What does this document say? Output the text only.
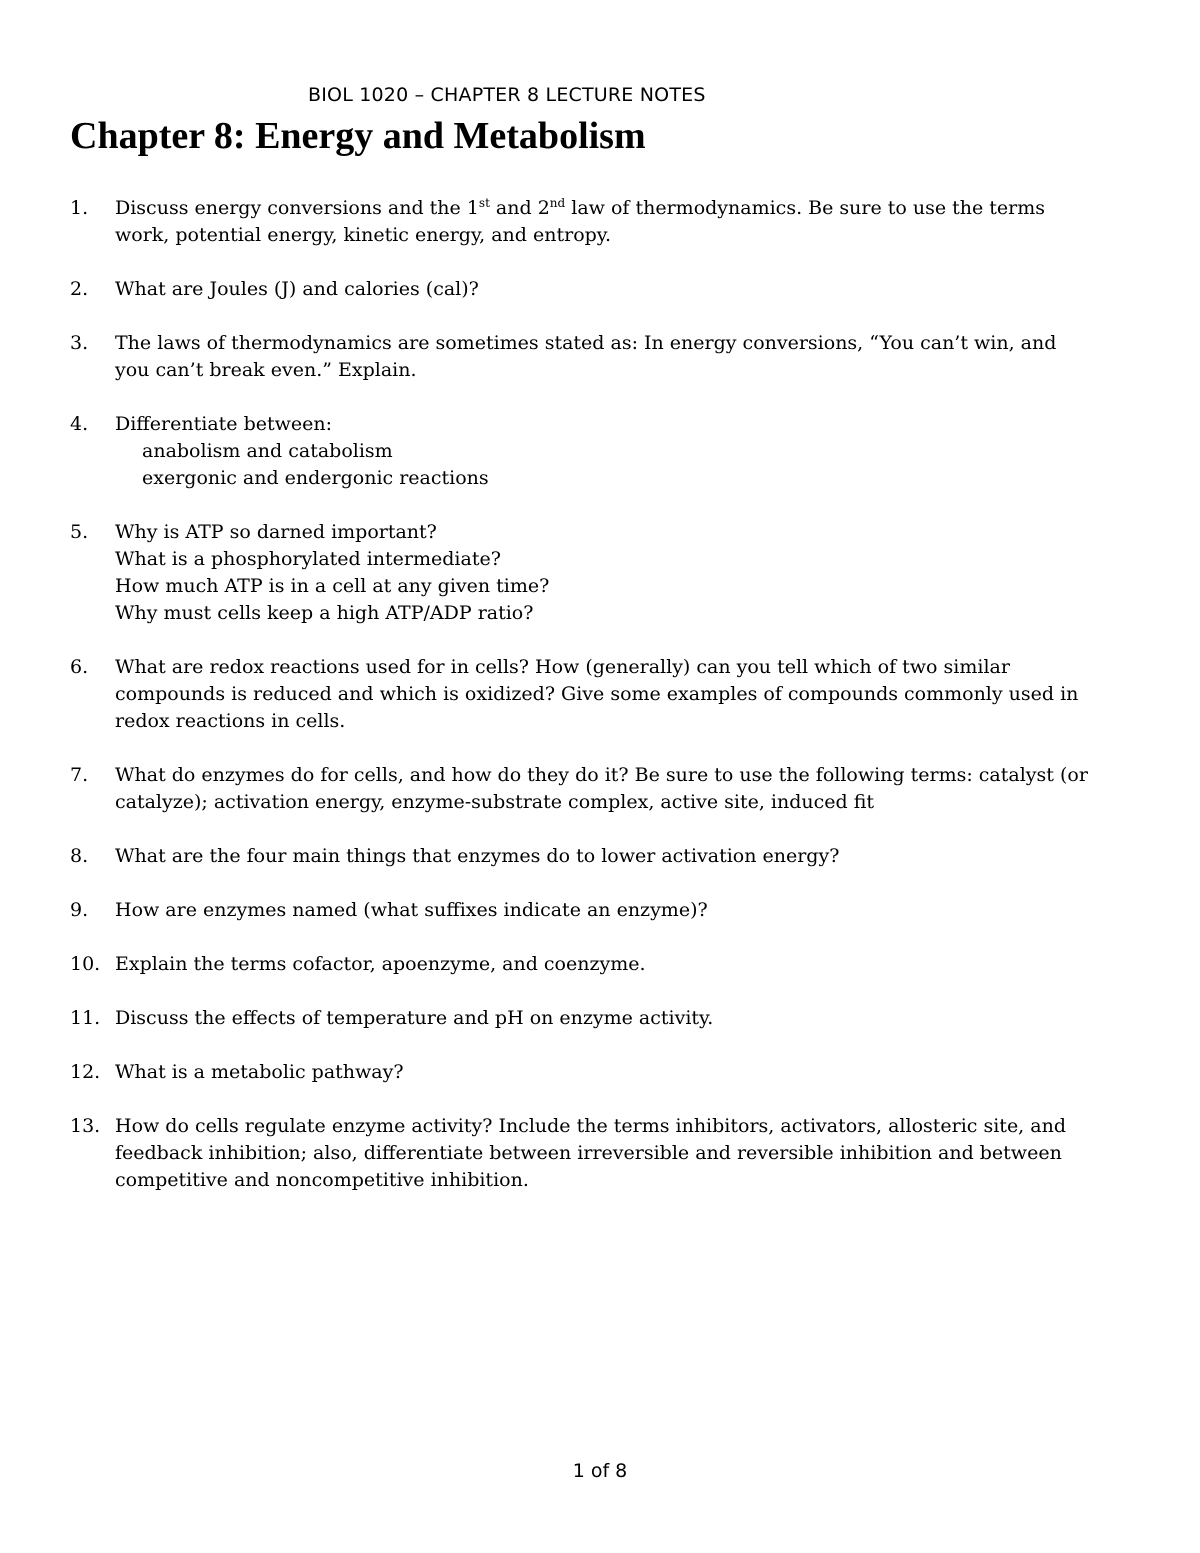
BIOL 1020 – CHAPTER 8 LECTURE NOTES
Chapter 8: Energy and Metabolism
1. Discuss energy conversions and the 1st and 2nd law of thermodynamics. Be sure to use the terms
work, potential energy, kinetic energy, and entropy.
2. What are Joules (J) and calories (cal)?
3. The laws of thermodynamics are sometimes stated as: In energy conversions, “You can’t win, and
you can’t break even.” Explain.
4. Differentiate between:
anabolism and catabolism
exergonic and endergonic reactions
5. Why is ATP so darned important?
What is a phosphorylated intermediate?
How much ATP is in a cell at any given time?
Why must cells keep a high ATP/ADP ratio?
6. What are redox reactions used for in cells? How (generally) can you tell which of two similar
compounds is reduced and which is oxidized? Give some examples of compounds commonly used in
redox reactions in cells.
7. What do enzymes do for cells, and how do they do it? Be sure to use the following terms: catalyst (or
catalyze); activation energy, enzyme-substrate complex, active site, induced fit
8. What are the four main things that enzymes do to lower activation energy?
9. How are enzymes named (what suffixes indicate an enzyme)?
10. Explain the terms cofactor, apoenzyme, and coenzyme.
11. Discuss the effects of temperature and pH on enzyme activity.
12. What is a metabolic pathway?
13. How do cells regulate enzyme activity? Include the terms inhibitors, activators, allosteric site, and
feedback inhibition; also, differentiate between irreversible and reversible inhibition and between
competitive and noncompetitive inhibition.
1 of 8
